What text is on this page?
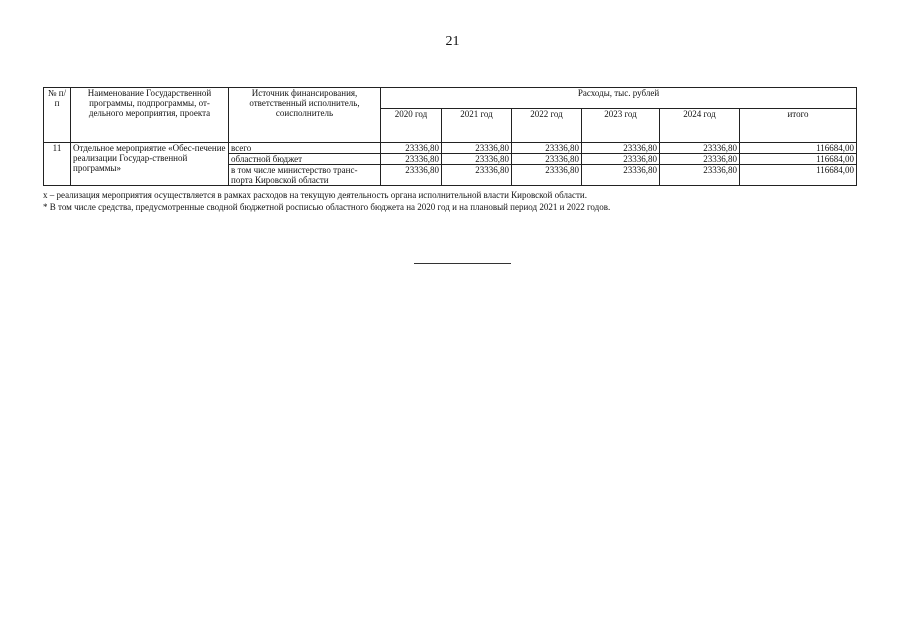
21
№ п/п	Наименование Государственной программы, подпрограммы, от-дельного мероприятия, проекта	Источник финансирования, ответственный исполнитель, соисполнитель	Расходы, тыс. рублей					
			2020 год	2021 год	2022 год	2023 год	2024 год	итого
11	Отдельное мероприятие «Обес-печение реализации Государ-ственной программы»	всего	23336,80	23336,80	23336,80	23336,80	23336,80	116684,00
		областной бюджет	23336,80	23336,80	23336,80	23336,80	23336,80	116684,00
		в том числе министерство транс-порта Кировской области	23336,80	23336,80	23336,80	23336,80	23336,80	116684,00
х – реализация мероприятия осуществляется в рамках расходов на текущую деятельность органа исполнительной власти Кировской области.
* В том числе средства, предусмотренные сводной бюджетной росписью областного бюджета на 2020 год и на плановый период 2021 и 2022 годов.
